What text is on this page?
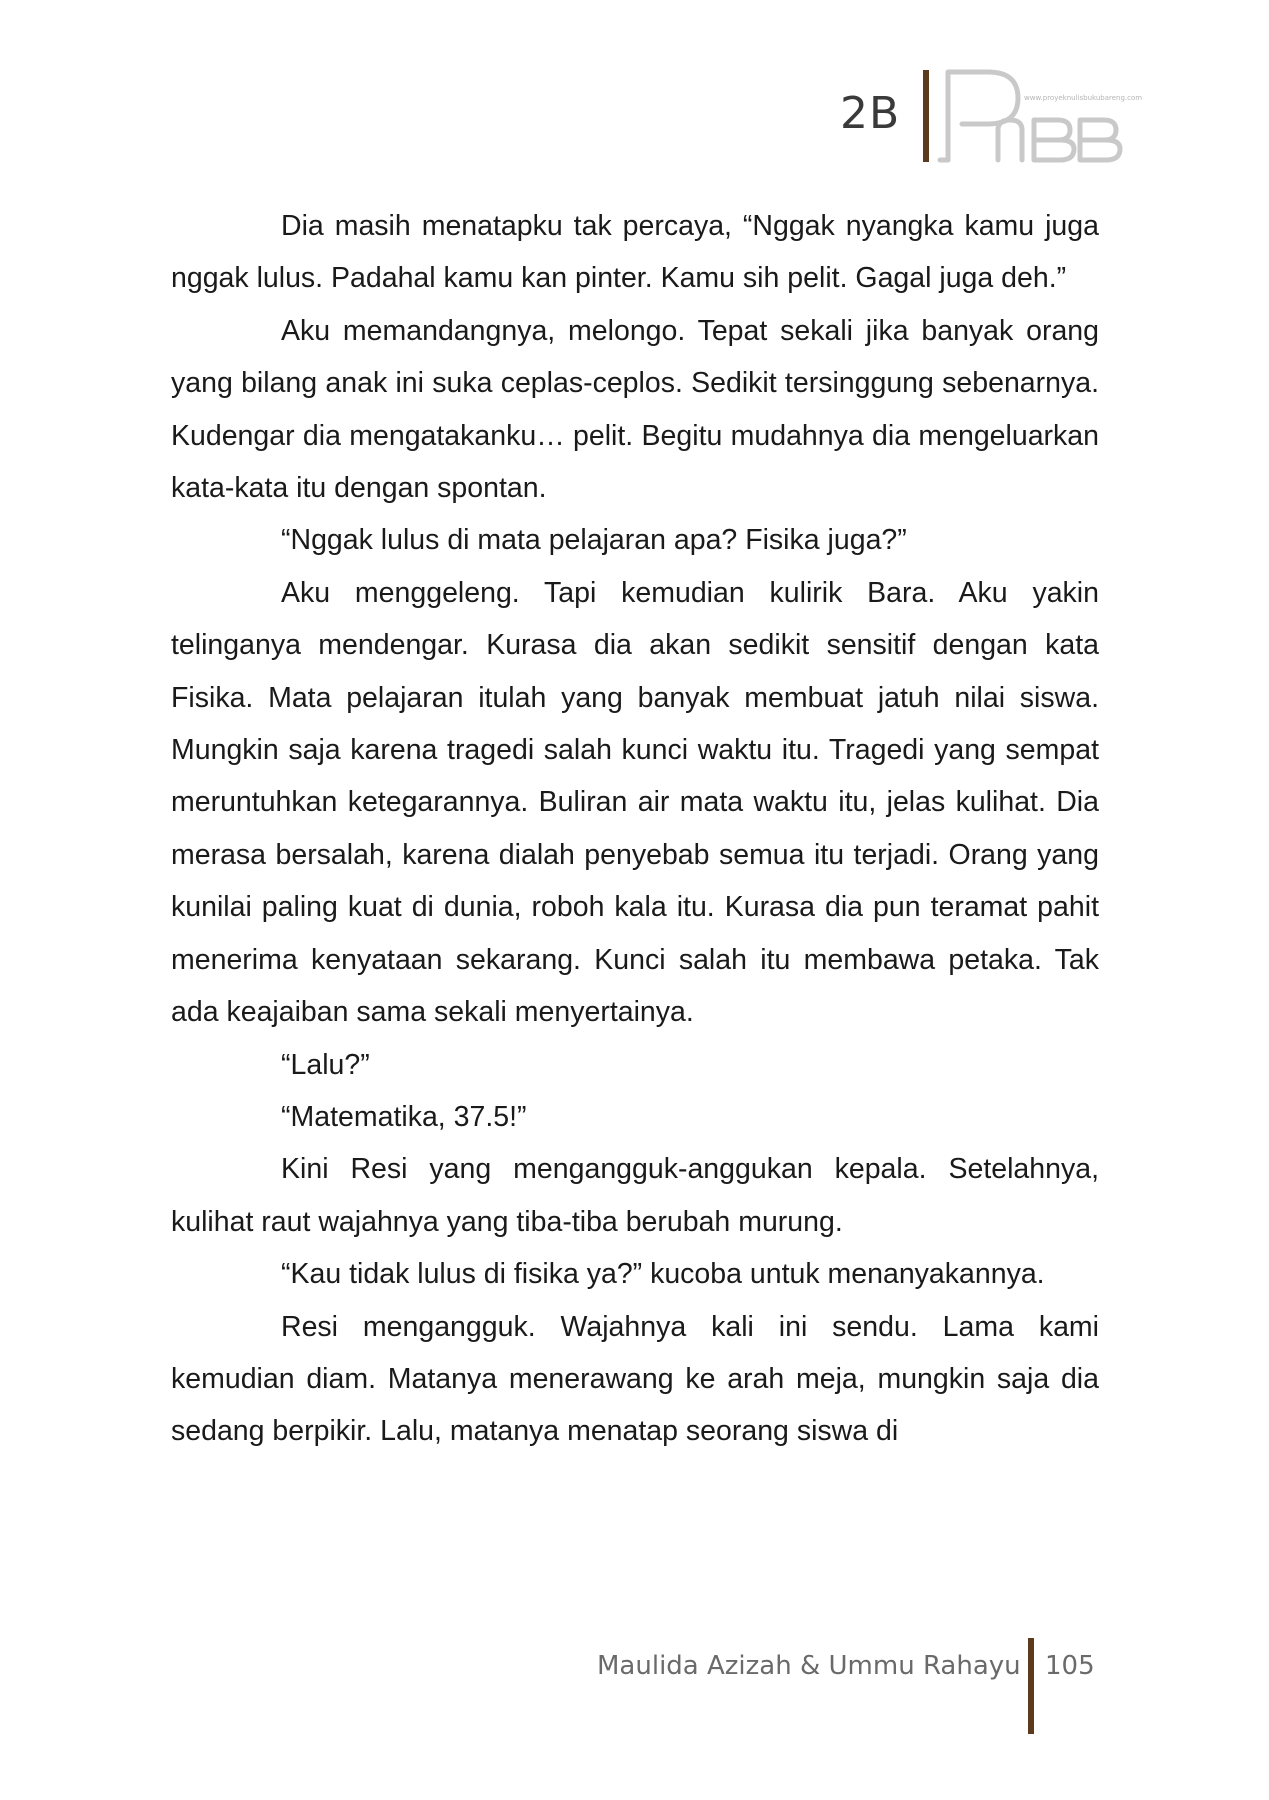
2B	www.proyeknulisbukubareng.com

Dia masih menatapku tak percaya, “Nggak nyangka kamu juga nggak lulus. Padahal kamu kan pinter. Kamu sih pelit. Gagal juga deh.”

Aku memandangnya, melongo. Tepat sekali jika banyak orang yang bilang anak ini suka ceplas-ceplos. Sedikit tersinggung sebenarnya. Kudengar dia mengatakanku… pelit. Begitu mudahnya dia mengeluarkan kata-kata itu dengan spontan.

“Nggak lulus di mata pelajaran apa? Fisika juga?”

Aku menggeleng. Tapi kemudian kulirik Bara. Aku yakin telinganya mendengar. Kurasa dia akan sedikit sensitif dengan kata Fisika. Mata pelajaran itulah yang banyak membuat jatuh nilai siswa. Mungkin saja karena tragedi salah kunci waktu itu. Tragedi yang sempat meruntuhkan ketegarannya. Buliran air mata waktu itu, jelas kulihat. Dia merasa bersalah, karena dialah penyebab semua itu terjadi. Orang yang kunilai paling kuat di dunia, roboh kala itu. Kurasa dia pun teramat pahit menerima kenyataan sekarang. Kunci salah itu membawa petaka. Tak ada keajaiban sama sekali menyertainya.

“Lalu?”

“Matematika, 37.5!”

Kini Resi yang mengangguk-anggukan kepala. Setelahnya, kulihat raut wajahnya yang tiba-tiba berubah murung.

“Kau tidak lulus di fisika ya?” kucoba untuk menanyakannya.

Resi mengangguk. Wajahnya kali ini sendu. Lama kami kemudian diam. Matanya menerawang ke arah meja, mungkin saja dia sedang berpikir. Lalu, matanya menatap seorang siswa di

Maulida Azizah & Ummu Rahayu 105
